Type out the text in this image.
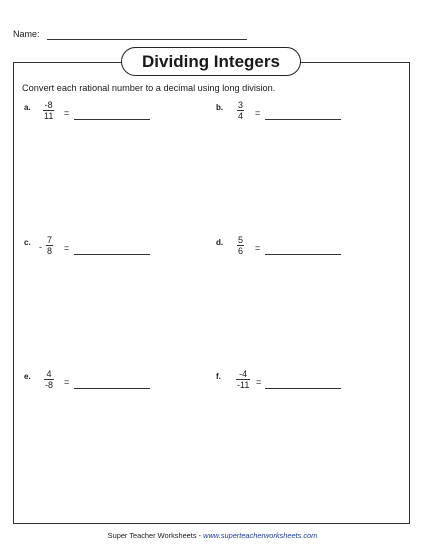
Name:
Dividing Integers
Convert each rational number to a decimal using long division.
a. $\frac{-8}{11}$ =
b. $\frac{3}{4}$ =
c. - $\frac{7}{8}$ =
d. $\frac{5}{6}$ =
e. $\frac{4}{-8}$ =
f. $\frac{-4}{-11}$ =
Super Teacher Worksheets - www.superteacherworksheets.com
